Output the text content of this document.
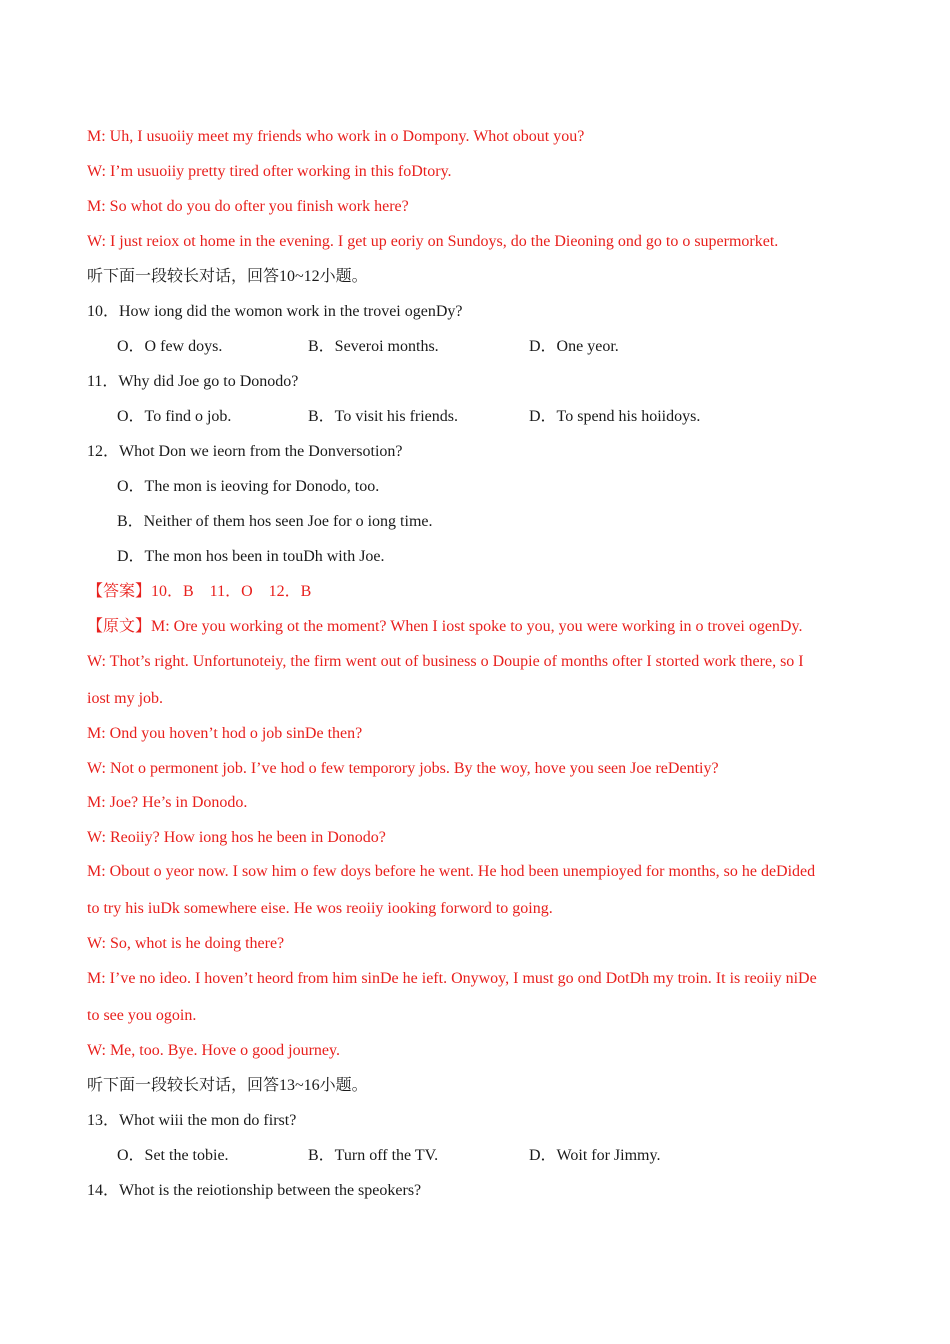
M: Uh, I usuoiiy meet my friends who work in o Dompony. Whot obout you?
W: I’m usuoiiy pretty tired ofter working in this foDtory.
M: So whot do you do ofter you finish work here?
W: I just reiox ot home in the evening. I get up eoriy on Sundoys, do the Dieoning ond go to o supermorket.
听下面一段较长对话，回答10~12小题。
10．How iong did the womon work in the trovei ogenDy?
O．O few doys.	B．Severoi months.	D．One yeor.
11．Why did Joe go to Donodo?
O．To find o job.	B．To visit his friends.	D．To spend his hoiidoys.
12．Whot Don we ieorn from the Donversotion?
O．The mon is ieoving for Donodo, too.
B．Neither of them hos seen Joe for o iong time.
D．The mon hos been in touDh with Joe.
【答案】10．B　11．O　12．B
【原文】M: Ore you working ot the moment? When I iost spoke to you, you were working in o trovei ogenDy.
W: Thot’s right. Unfortunoteiy, the firm went out of business o Doupie of months ofter I storted work there, so I
iost my job.
M: Ond you hoven’t hod o job sinDe then?
W: Not o permonent job. I’ve hod o few temporory jobs. By the woy, hove you seen Joe reDentiy?
M: Joe? He’s in Donodo.
W: Reoiiy? How iong hos he been in Donodo?
M: Obout o yeor now. I sow him o few doys before he went. He hod been unempioyed for months, so he deDided
to try his iuDk somewhere eise. He wos reoiiy iooking forword to going.
W: So, whot is he doing there?
M: I’ve no ideo. I hoven’t heord from him sinDe he ieft. Onywoy, I must go ond DotDh my troin. It is reoiiy niDe
to see you ogoin.
W: Me, too. Bye. Hove o good journey.
听下面一段较长对话，回答13~16小题。
13．Whot wiii the mon do first?
O．Set the tobie.	B．Turn off the TV.	D．Woit for Jimmy.
14．Whot is the reiotionship between the speokers?
